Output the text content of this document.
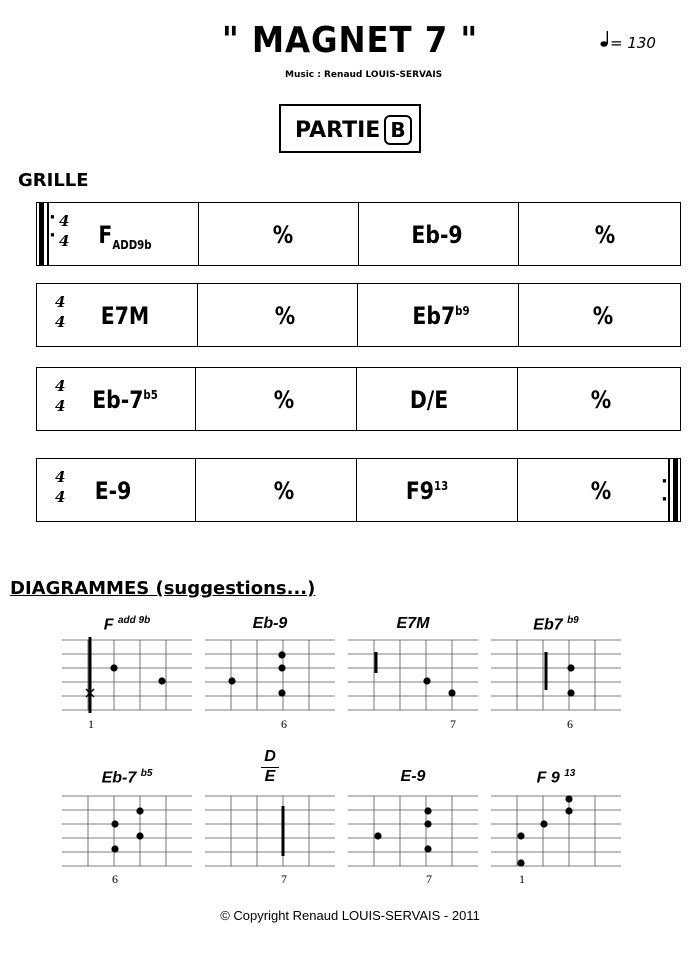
" MAGNET 7 "
Music : Renaud LOUIS-SERVAIS
= 130
PARTIE B
GRILLE
·
·
4
4 $F_{ADD9b}$	%	Eb-9	%
4
4 E7M	%	$Eb7^{b9}$	%
4
4 $Eb-7^{b5}$	%	D/E	%
4
4 E-9	%	$F9^{13}$	%	·
·
DIAGRAMMES (suggestions...)
F $^{add 9b}$
1
Eb-9
6
E7M
7
Eb7 $^{b9}$
6
Eb-7 $^{b5}$
6
D
E
7
E-9
7
F 9 $^{13}$
1
© Copyright Renaud LOUIS-SERVAIS - 2011
